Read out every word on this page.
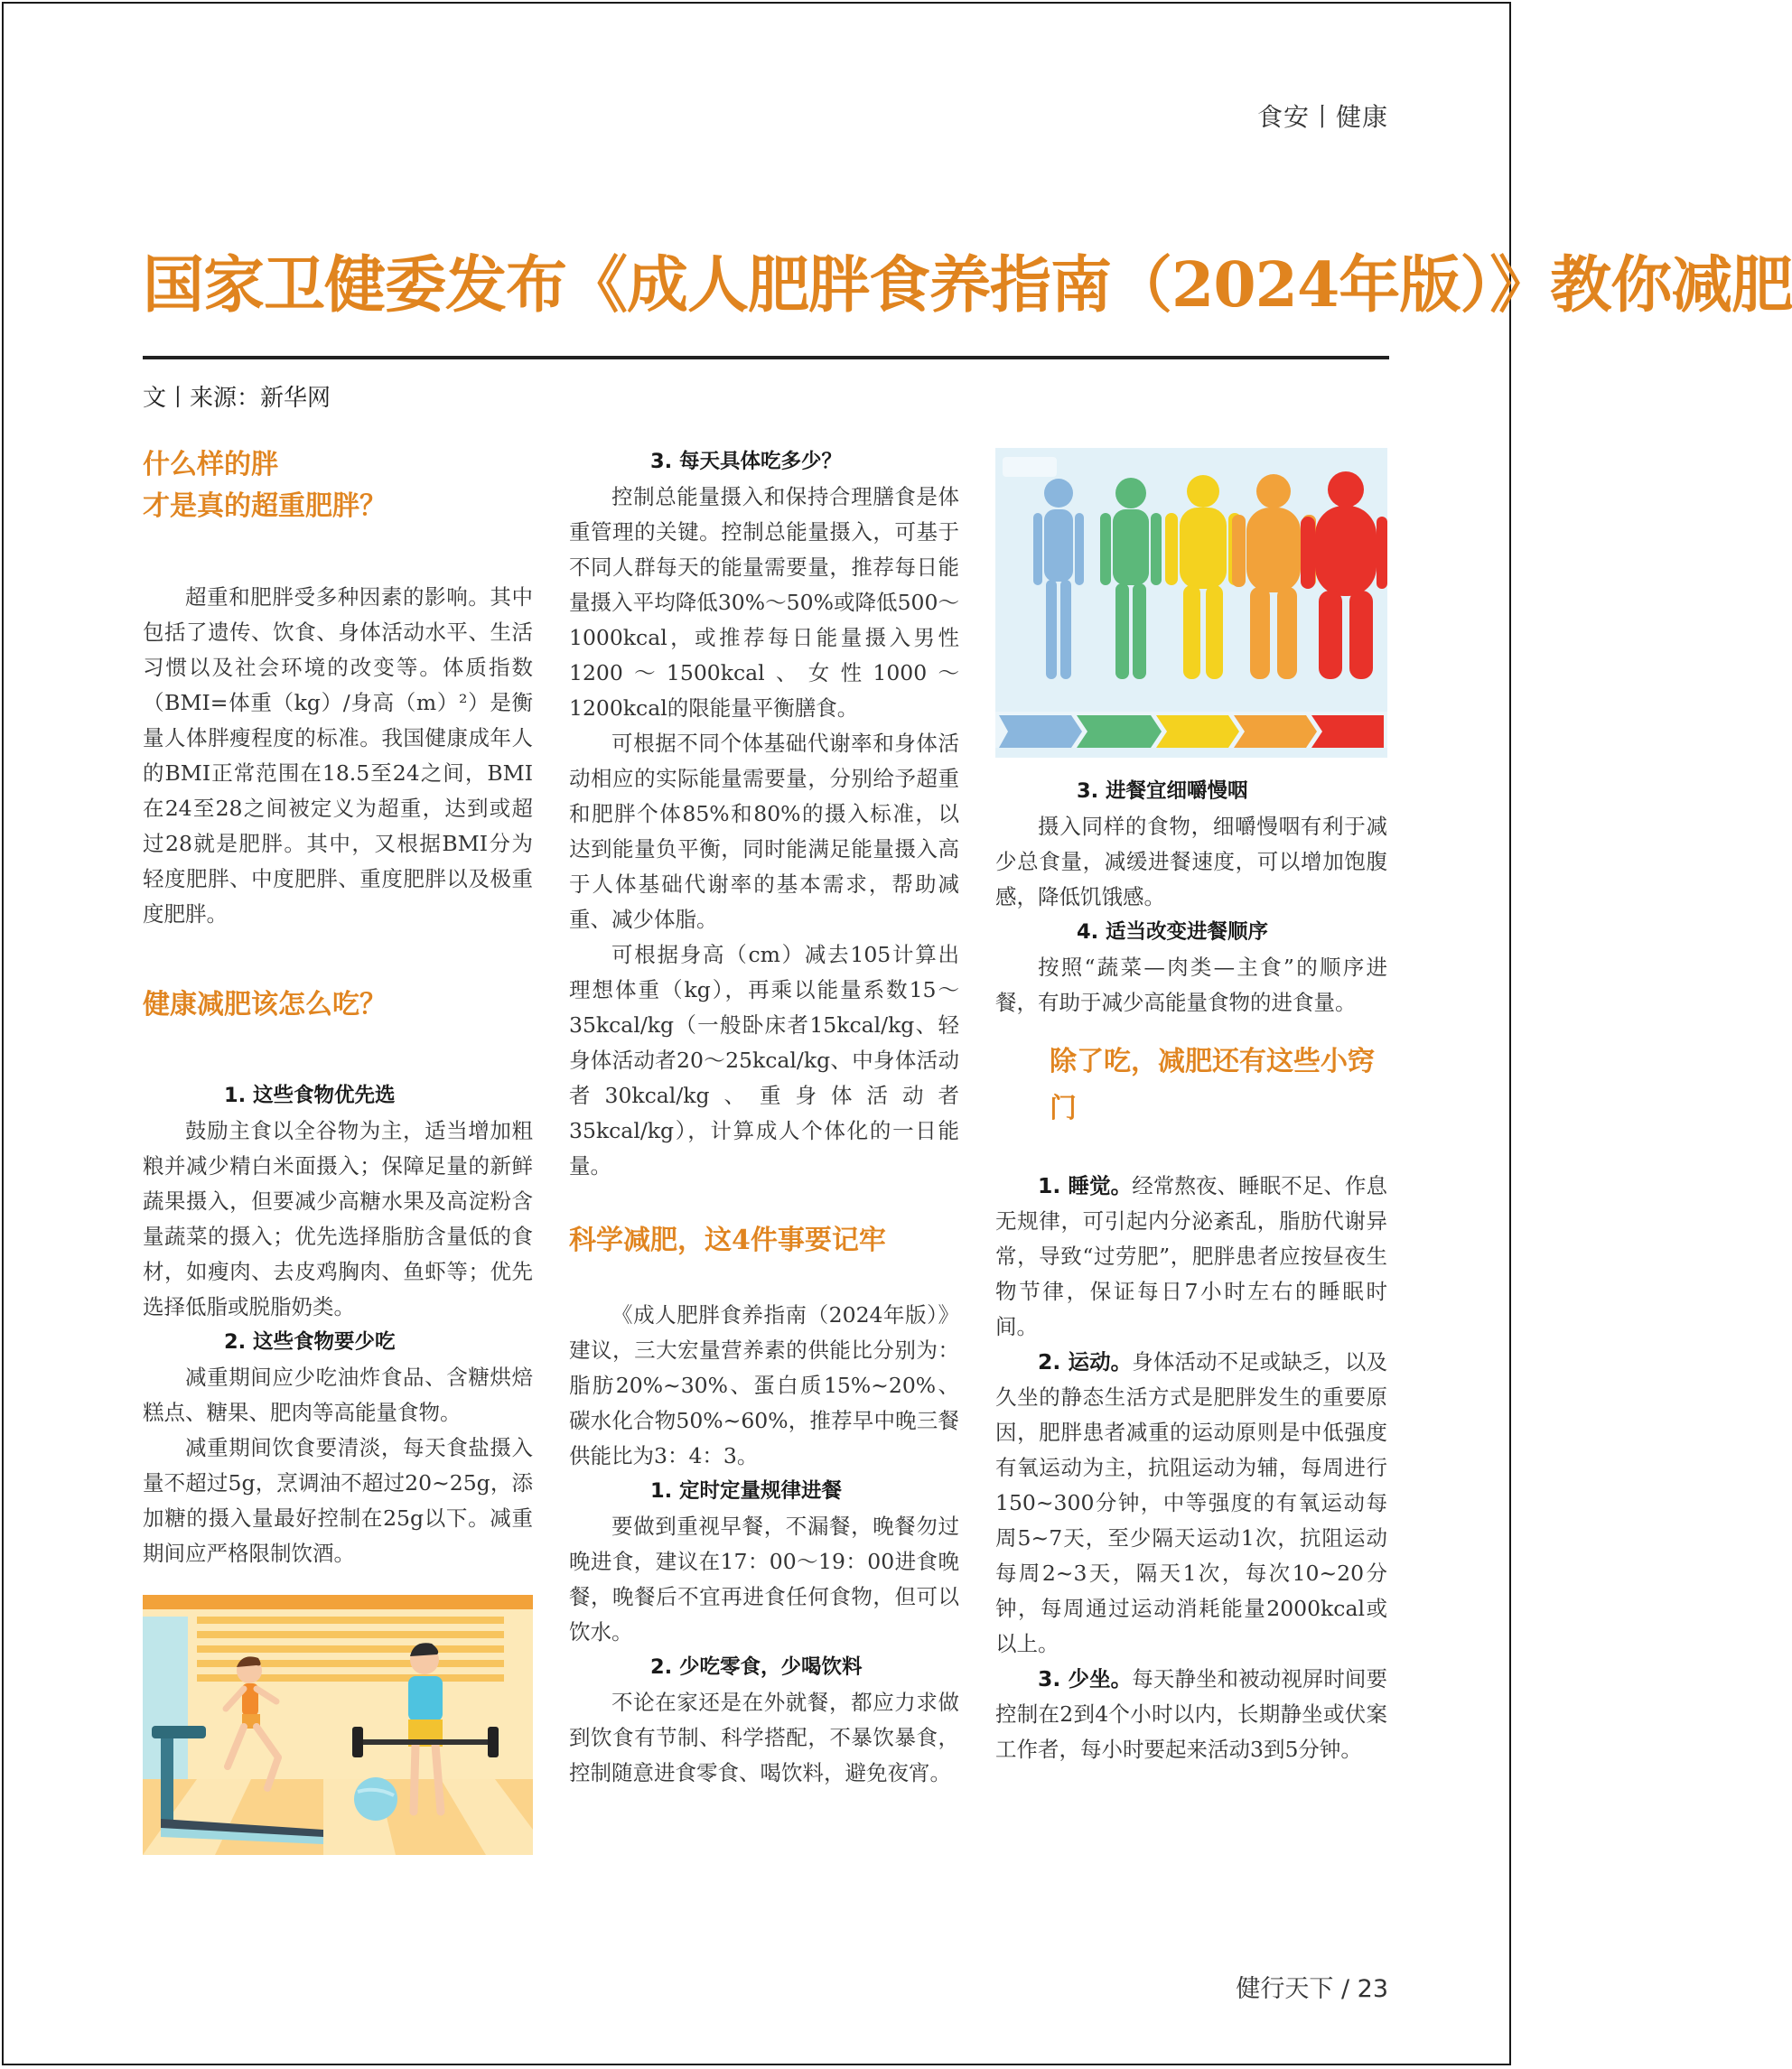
食安丨健康
国家卫健委发布《成人肥胖食养指南（2024年版）》教你减肥
文丨来源：新华网

什么样的胖

才是真的超重肥胖？

超重和肥胖受多种因素的影响。其中包括了遗传、饮食、身体活动水平、生活习惯以及社会环境的改变等。体质指数（BMI=体重（kg）/身高（m）²）是衡量人体胖瘦程度的标准。我国健康成年人的BMI正常范围在18.5至24之间，BMI在24至28之间被定义为超重，达到或超过28就是肥胖。其中，又根据BMI分为轻度肥胖、中度肥胖、重度肥胖以及极重度肥胖。

健康减肥该怎么吃？

1. 这些食物优先选

鼓励主食以全谷物为主，适当增加粗粮并减少精白米面摄入；保障足量的新鲜蔬果摄入，但要减少高糖水果及高淀粉含量蔬菜的摄入；优先选择脂肪含量低的食材，如瘦肉、去皮鸡胸肉、鱼虾等；优先选择低脂或脱脂奶类。

2. 这些食物要少吃

减重期间应少吃油炸食品、含糖烘焙糕点、糖果、肥肉等高能量食物。

减重期间饮食要清淡，每天食盐摄入量不超过5g，烹调油不超过20~25g，添加糖的摄入量最好控制在25g以下。减重期间应严格限制饮酒。

3. 每天具体吃多少？

控制总能量摄入和保持合理膳食是体重管理的关键。控制总能量摄入，可基于不同人群每天的能量需要量，推荐每日能量摄入平均降低30%～50%或降低500～1000kcal，或推荐每日能量摄入男性1200～1500kcal、女性1000～1200kcal的限能量平衡膳食。

可根据不同个体基础代谢率和身体活动相应的实际能量需要量，分别给予超重和肥胖个体85%和80%的摄入标准，以达到能量负平衡，同时能满足能量摄入高于人体基础代谢率的基本需求，帮助减重、减少体脂。

可根据身高（cm）减去105计算出理想体重（kg），再乘以能量系数15～35kcal/kg（一般卧床者15kcal/kg、轻身体活动者20～25kcal/kg、中身体活动者30kcal/kg、重身体活动者35kcal/kg），计算成人个体化的一日能量。

科学减肥，这4件事要记牢

《成人肥胖食养指南（2024年版）》建议，三大宏量营养素的供能比分别为：脂肪20%~30%、蛋白质15%~20%、碳水化合物50%~60%，推荐早中晚三餐供能比为3：4：3。

1. 定时定量规律进餐

要做到重视早餐，不漏餐，晚餐勿过晚进食，建议在17：00～19：00进食晚餐，晚餐后不宜再进食任何食物，但可以饮水。

2. 少吃零食，少喝饮料

不论在家还是在外就餐，都应力求做到饮食有节制、科学搭配，不暴饮暴食，控制随意进食零食、喝饮料，避免夜宵。

3. 进餐宜细嚼慢咽

摄入同样的食物，细嚼慢咽有利于减少总食量，减缓进餐速度，可以增加饱腹感，降低饥饿感。

4. 适当改变进餐顺序

按照“蔬菜—肉类—主食”的顺序进餐，有助于减少高能量食物的进食量。

除了吃，减肥还有这些小窍门

1. 睡觉。经常熬夜、睡眠不足、作息无规律，可引起内分泌紊乱，脂肪代谢异常，导致“过劳肥”，肥胖患者应按昼夜生物节律，保证每日7小时左右的睡眠时间。

2. 运动。身体活动不足或缺乏，以及久坐的静态生活方式是肥胖发生的重要原因，肥胖患者减重的运动原则是中低强度有氧运动为主，抗阻运动为辅，每周进行150~300分钟，中等强度的有氧运动每周5~7天，至少隔天运动1次，抗阻运动每周2~3天，隔天1次，每次10~20分钟，每周通过运动消耗能量2000kcal或以上。

3. 少坐。每天静坐和被动视屏时间要控制在2到4个小时以内，长期静坐或伏案工作者，每小时要起来活动3到5分钟。

健行天下 / 23
